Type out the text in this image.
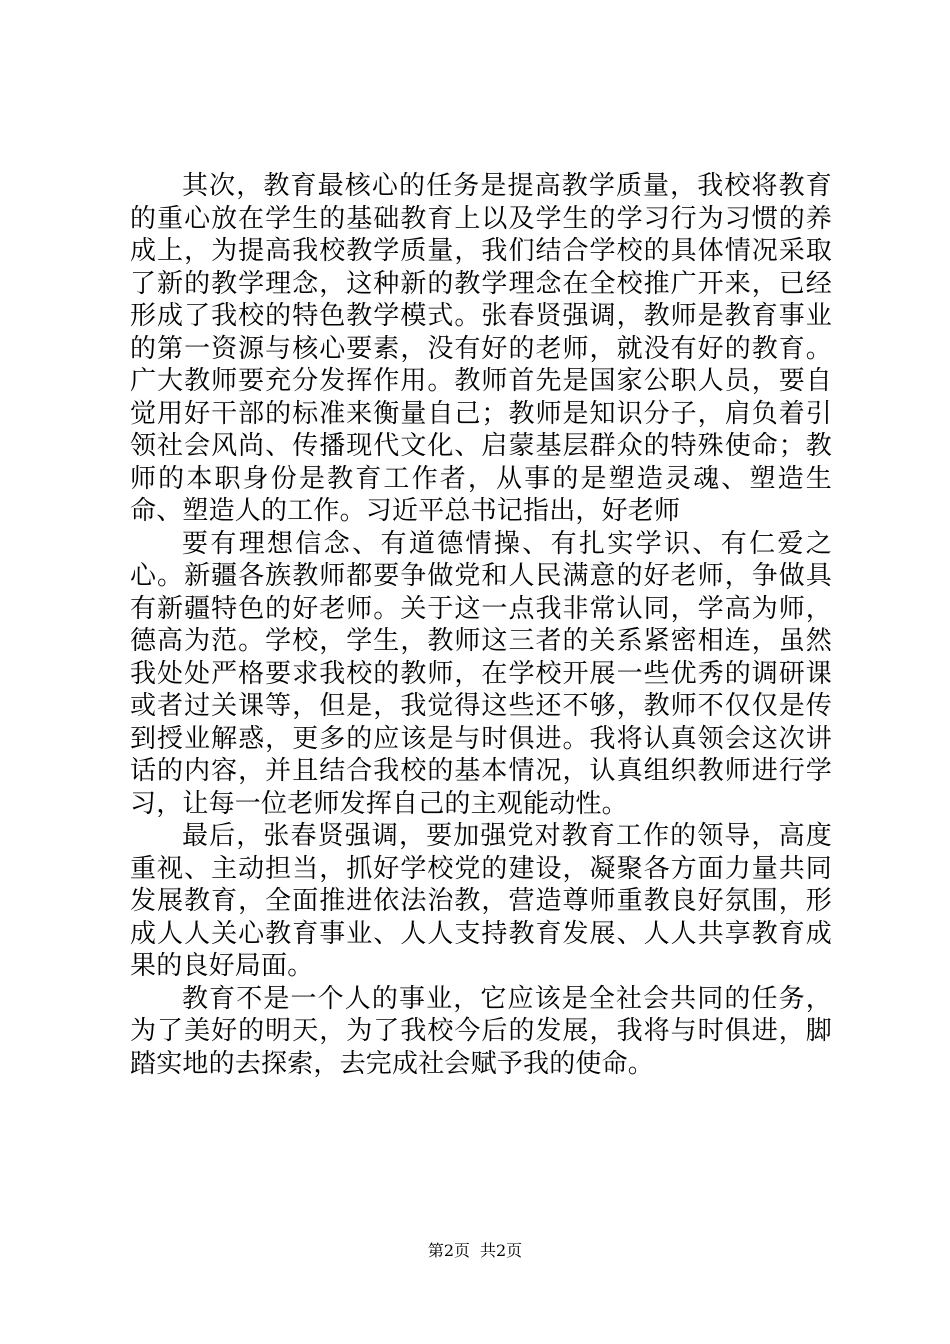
其次，教育最核心的任务是提高教学质量，我校将教育的重心放在学生的基础教育上以及学生的学习行为习惯的养成上，为提高我校教学质量，我们结合学校的具体情况采取了新的教学理念，这种新的教学理念在全校推广开来，已经形成了我校的特色教学模式。张春贤强调，教师是教育事业的第一资源与核心要素，没有好的老师，就没有好的教育。广大教师要充分发挥作用。教师首先是国家公职人员，要自觉用好干部的标准来衡量自己；教师是知识分子，肩负着引领社会风尚、传播现代文化、启蒙基层群众的特殊使命；教师的本职身份是教育工作者，从事的是塑造灵魂、塑造生命、塑造人的工作。习近平总书记指出，好老师

要有理想信念、有道德情操、有扎实学识、有仁爱之心。新疆各族教师都要争做党和人民满意的好老师，争做具有新疆特色的好老师。关于这一点我非常认同，学高为师，德高为范。学校，学生，教师这三者的关系紧密相连，虽然我处处严格要求我校的教师，在学校开展一些优秀的调研课或者过关课等，但是，我觉得这些还不够，教师不仅仅是传到授业解惑，更多的应该是与时俱进。我将认真领会这次讲话的内容，并且结合我校的基本情况，认真组织教师进行学习，让每一位老师发挥自己的主观能动性。

最后，张春贤强调，要加强党对教育工作的领导，高度重视、主动担当，抓好学校党的建设，凝聚各方面力量共同发展教育，全面推进依法治教，营造尊师重教良好氛围，形成人人关心教育事业、人人支持教育发展、人人共享教育成果的良好局面。

教育不是一个人的事业，它应该是全社会共同的任务，为了美好的明天，为了我校今后的发展，我将与时俱进，脚踏实地的去探索，去完成社会赋予我的使命。

第2页 共2页
